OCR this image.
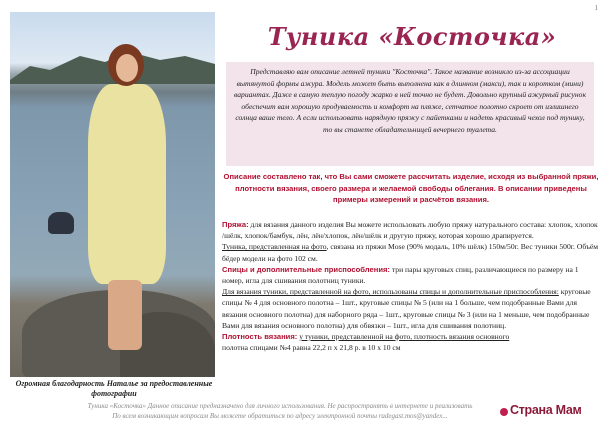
1
Огромная благодарность Наталье за предоставленные фотографии
Туника «Косточка»
Представляю вам описание летней туники "Косточка". Такое название возникло из-за ассоциации вытянутой формы ажура. Модель может быть выполнена как в длинном (макси), так и коротком (мини) вариантах. Даже в самую теплую погоду жарко в ней точно не будет. Довольно крупный ажурный рисунок обеспечит вам хорошую продуваемость и комфорт на пляже, сетчатое полотно скроет от излишнего солнца ваше тело. А если использовать нарядную пряжу с пайетками и надеть красивый чехол под тунику, то вы станете обладательницей вечернего туалета.
Описание составлено так, что Вы сами сможете рассчитать изделие, исходя из выбранной пряжи, плотности вязания, своего размера и желаемой свободы облегания. В описании приведены примеры измерений и расчётов вязания.

Пряжа: для вязания данного изделия Вы можете использовать любую пряжу натурального состава: хлопок, хлопок /шёлк, хлопок/бамбук, лён, лён/хлопок, лён/шёлк и другую пряжу, которая хорошо драпируется.
Туника, представленная на фото, связана из пряжи Mose (90% модаль, 10% шёлк) 150м/50г. Вес туники 500г. Объём бёдер модели на фото 102 см.

Спицы и дополнительные приспособления: три пары круговых спиц, различающиеся по размеру на 1 номер, игла для сшивания полотниц туники.
Для вязания туники, представленной на фото, использованы спицы и дополнительные приспособления: круговые спицы № 4 для основного полотна – 1шт., круговые спицы № 5 (или на 1 больше, чем подобранные Вами для вязания основного полотна) для наборного ряда – 1шт., круговые спицы № 3 (или на 1 меньше, чем подобранные Вами для вязания основного полотна) для обвязки – 1шт., игла для сшивания полотниц.

Плотность вязания: у туники, представленной на фото, плотность вязания основного
полотна спицами №4 равна 22,2 п х 21,8 р. в 10 х 10 см

Туника «Косточка» Данное описание предназначено для личного использования. Не распространять в интернете и реализовать
По всем возникающим вопросам Вы можете обратиться по адресу электронной почты radegast.mos@yandex...	Страна Мам
